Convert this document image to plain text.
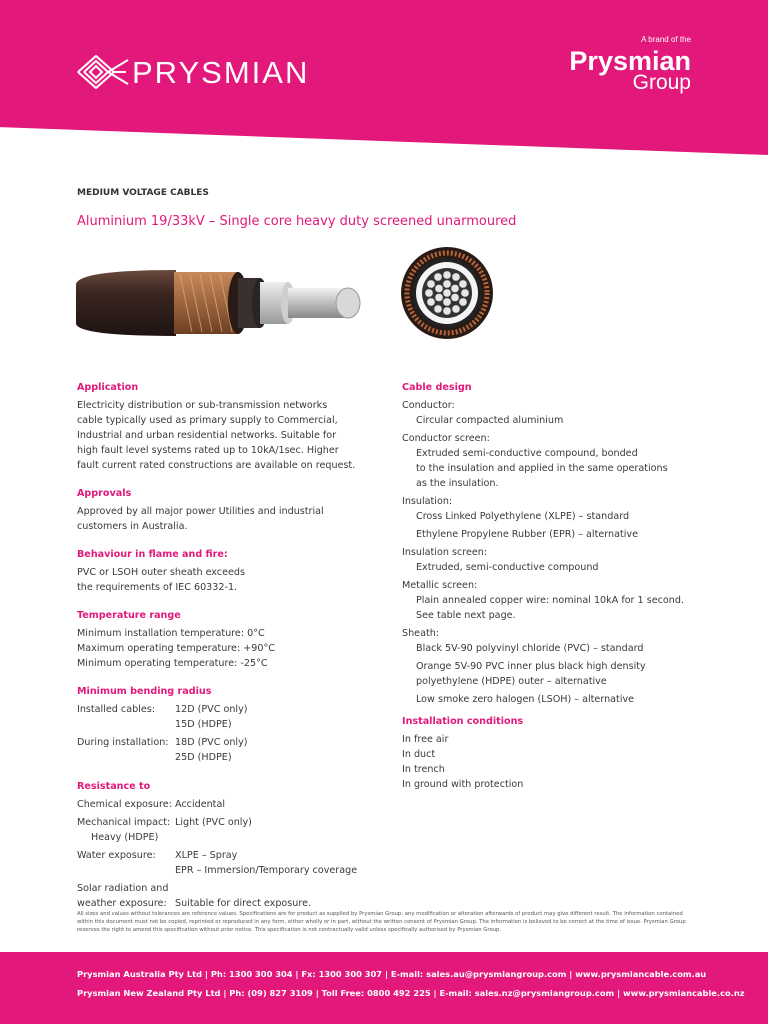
PRYSMIAN
A brand of the
Prysmian
Group
MEDIUM VOLTAGE CABLES
Aluminium 19/33kV – Single core heavy duty screened unarmoured
Application
Electricity distribution or sub-transmission networks
cable typically used as primary supply to Commercial,
Industrial and urban residential networks. Suitable for
high fault level systems rated up to 10kA/1sec. Higher
fault current rated constructions are available on request.
Approvals
Approved by all major power Utilities and industrial
customers in Australia.
Behaviour in flame and fire:
PVC or LSOH outer sheath exceeds
the requirements of IEC 60332-1.
Temperature range
Minimum installation temperature: 0°C
Maximum operating temperature: +90°C
Minimum operating temperature: -25°C
Minimum bending radius
Installed cables:	12D (PVC only)
15D (HDPE)
During installation: 18D (PVC only)
25D (HDPE)
Resistance to
Chemical exposure: Accidental
Mechanical impact: Light (PVC only)
Heavy (HDPE)
Water exposure:	XLPE – Spray
EPR – Immersion/Temporary coverage
Solar radiation and
weather exposure: Suitable for direct exposure.
Cable design
Conductor:
Circular compacted aluminium
Conductor screen:
Extruded semi-conductive compound, bonded
to the insulation and applied in the same operations
as the insulation.
Insulation:
Cross Linked Polyethylene (XLPE) – standard
Ethylene Propylene Rubber (EPR) – alternative
Insulation screen:
Extruded, semi-conductive compound
Metallic screen:
Plain annealed copper wire: nominal 10kA for 1 second.
See table next page.
Sheath:
Black 5V-90 polyvinyl chloride (PVC) – standard
Orange 5V-90 PVC inner plus black high density
polyethylene (HDPE) outer – alternative
Low smoke zero halogen (LSOH) – alternative
Installation conditions
In free air
In duct
In trench
In ground with protection
All sizes and values without tolerances are reference values. Specifications are for product as supplied by Prysmian Group: any modification or alteration afterwards of product may give different result. The information contained within this document must not be copied, reprinted or reproduced in any form, either wholly or in part, without the written consent of Prysmian Group. The information is believed to be correct at the time of issue. Prysmian Group reserves the right to amend this specification without prior notice. This specification is not contractually valid unless specifically authorised by Prysmian Group.
Prysmian Australia Pty Ltd | Ph: 1300 300 304 | Fx: 1300 300 307 | E-mail: sales.au@prysmiangroup.com | www.prysmiancable.com.au
Prysmian New Zealand Pty Ltd | Ph: (09) 827 3109 | Toll Free: 0800 492 225 | E-mail: sales.nz@prysmiangroup.com | www.prysmiancable.co.nz
